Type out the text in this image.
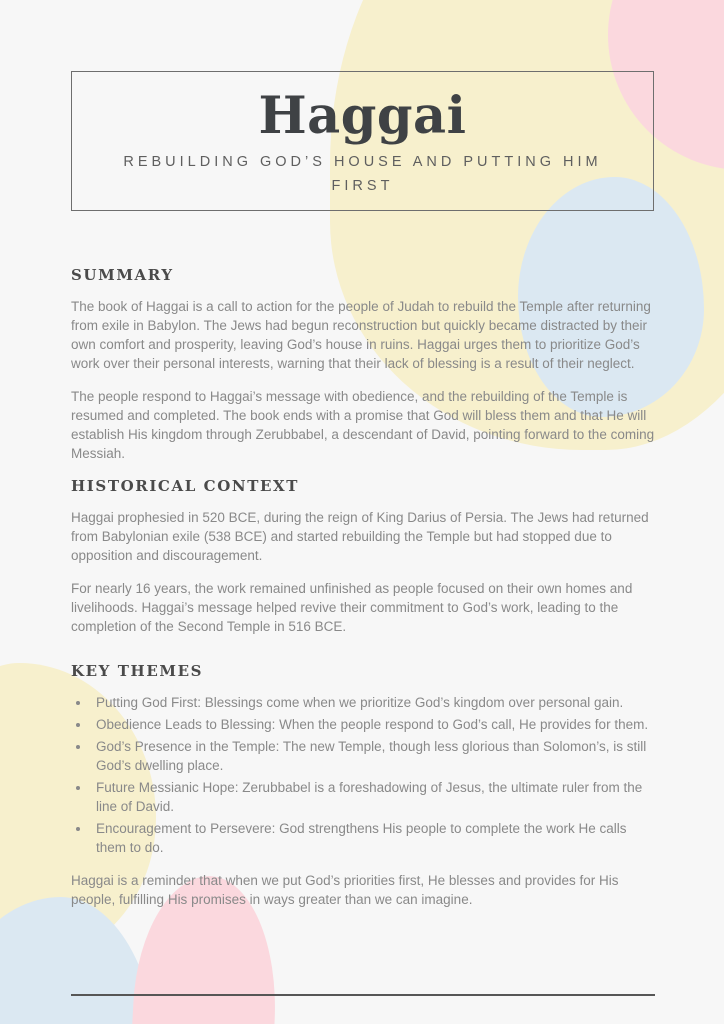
Haggai
REBUILDING GOD’S HOUSE AND PUTTING HIM FIRST
SUMMARY

The book of Haggai is a call to action for the people of Judah to rebuild the Temple after returning from exile in Babylon. The Jews had begun reconstruction but quickly became distracted by their own comfort and prosperity, leaving God’s house in ruins. Haggai urges them to prioritize God’s work over their personal interests, warning that their lack of blessing is a result of their neglect.

The people respond to Haggai’s message with obedience, and the rebuilding of the Temple is resumed and completed. The book ends with a promise that God will bless them and that He will establish His kingdom through Zerubbabel, a descendant of David, pointing forward to the coming Messiah.

HISTORICAL CONTEXT

Haggai prophesied in 520 BCE, during the reign of King Darius of Persia. The Jews had returned from Babylonian exile (538 BCE) and started rebuilding the Temple but had stopped due to opposition and discouragement.

For nearly 16 years, the work remained unfinished as people focused on their own homes and livelihoods. Haggai’s message helped revive their commitment to God’s work, leading to the completion of the Second Temple in 516 BCE.

KEY THEMES
• Putting God First: Blessings come when we prioritize God’s kingdom over personal gain.
• Obedience Leads to Blessing: When the people respond to God’s call, He provides for them.
• God’s Presence in the Temple: The new Temple, though less glorious than Solomon’s, is still God’s dwelling place.
• Future Messianic Hope: Zerubbabel is a foreshadowing of Jesus, the ultimate ruler from the line of David.
• Encouragement to Persevere: God strengthens His people to complete the work He calls them to do.

Haggai is a reminder that when we put God’s priorities first, He blesses and provides for His people, fulfilling His promises in ways greater than we can imagine.
